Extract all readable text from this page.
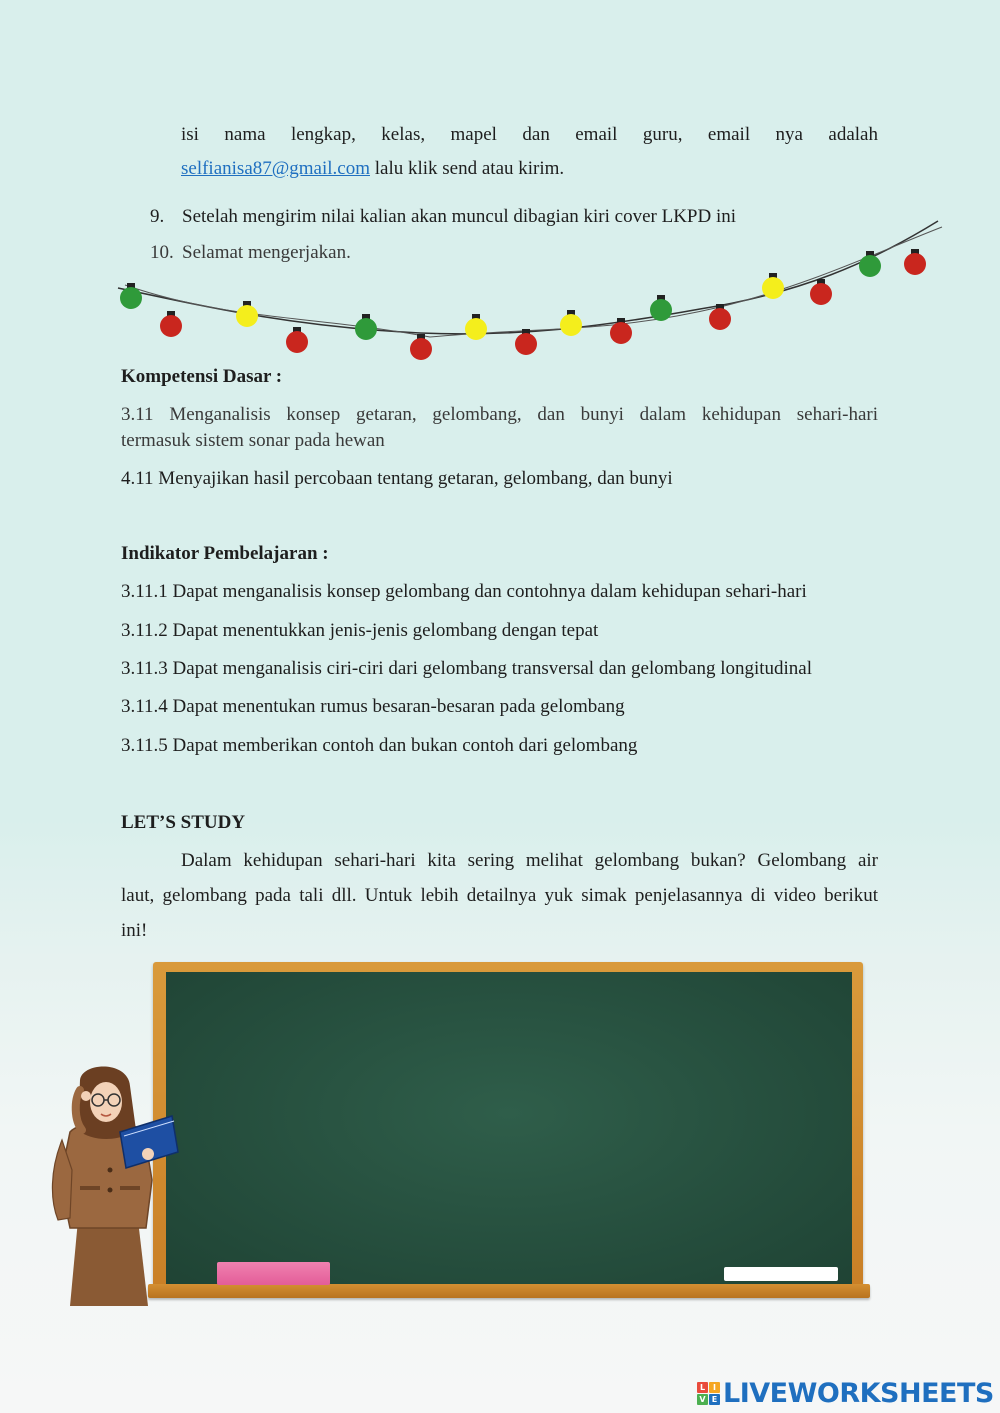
isi nama lengkap, kelas, mapel dan email guru, email nya adalah
selfianisa87@gmail.com lalu klik send atau kirim.
9. Setelah mengirim nilai kalian akan muncul dibagian kiri cover LKPD ini
10. Selamat mengerjakan.
Kompetensi Dasar :
3.11 Menganalisis konsep getaran, gelombang, dan bunyi dalam kehidupan sehari-hari
termasuk sistem sonar pada hewan
4.11 Menyajikan hasil percobaan tentang getaran, gelombang, dan bunyi
Indikator Pembelajaran :
3.11.1 Dapat menganalisis konsep gelombang dan contohnya dalam kehidupan sehari-hari
3.11.2 Dapat menentukkan jenis-jenis gelombang dengan tepat
3.11.3 Dapat menganalisis ciri-ciri dari gelombang transversal dan gelombang longitudinal
3.11.4 Dapat menentukan rumus besaran-besaran pada gelombang
3.11.5 Dapat memberikan contoh dan bukan contoh dari gelombang
LET’S STUDY
Dalam kehidupan sehari-hari kita sering melihat gelombang bukan? Gelombang air
laut, gelombang pada tali dll. Untuk lebih detailnya yuk simak penjelasannya di video berikut
ini!
L I
V E LIVEWORKSHEETS
